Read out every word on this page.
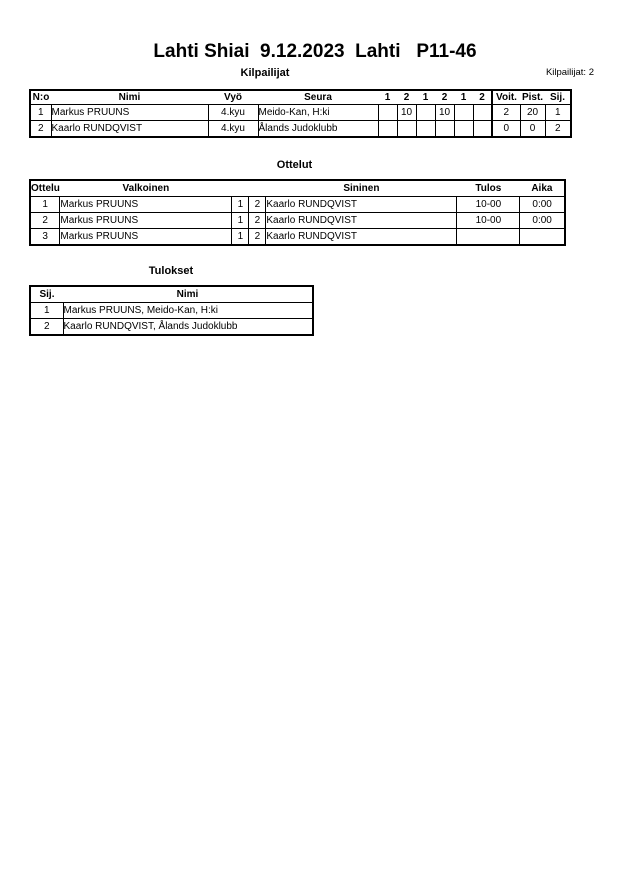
Lahti Shiai  9.12.2023  Lahti   P11-46
Kilpailijat	Kilpailijat: 2
N:o	Nimi	Vyö	Seura	1	2	1	2	1	2	Voit.	Pist.	Sij.
1	Markus PRUUNS	4.kyu	Meido-Kan, H:ki		10		10			2	20	1
2	Kaarlo RUNDQVIST	4.kyu	Ålands Judoklubb							0	0	2
Ottelut
Ottelu	Valkoinen			Sininen	Tulos	Aika
1	Markus PRUUNS	1	2	Kaarlo RUNDQVIST	10-00	0:00
2	Markus PRUUNS	1	2	Kaarlo RUNDQVIST	10-00	0:00
3	Markus PRUUNS	1	2	Kaarlo RUNDQVIST		
Tulokset
Sij.	Nimi
1	Markus PRUUNS, Meido-Kan, H:ki
2	Kaarlo RUNDQVIST, Ålands Judoklubb
